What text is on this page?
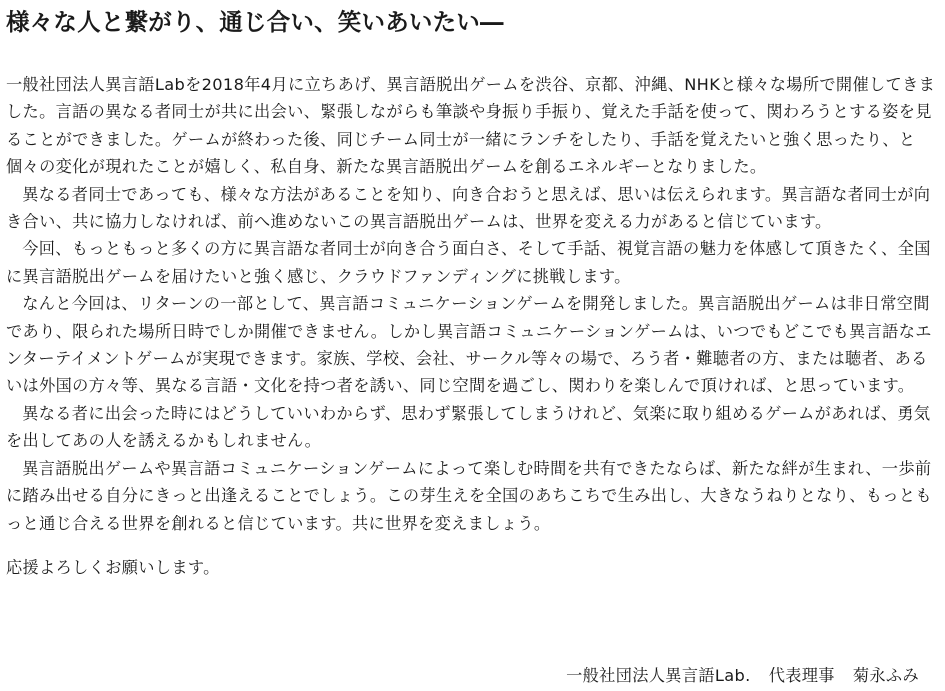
様々な人と繋がり、通じ合い、笑いあいたい―

一般社団法人異言語Labを2018年4月に立ちあげ、異言語脱出ゲームを渋谷、京都、沖縄、NHKと様々な場所で開催してきました。言語の異なる者同士が共に出会い、緊張しながらも筆談や身振り手振り、覚えた手話を使って、関わろうとする姿を見ることができました。ゲームが終わった後、同じチーム同士が一緒にランチをしたり、手話を覚えたいと強く思ったり、と個々の変化が現れたことが嬉しく、私自身、新たな異言語脱出ゲームを創るエネルギーとなりました。

異なる者同士であっても、様々な方法があることを知り、向き合おうと思えば、思いは伝えられます。異言語な者同士が向き合い、共に協力しなければ、前へ進めないこの異言語脱出ゲームは、世界を変える力があると信じています。

今回、もっともっと多くの方に異言語な者同士が向き合う面白さ、そして手話、視覚言語の魅力を体感して頂きたく、全国に異言語脱出ゲームを届けたいと強く感じ、クラウドファンディングに挑戦します。

なんと今回は、リターンの一部として、異言語コミュニケーションゲームを開発しました。異言語脱出ゲームは非日常空間であり、限られた場所日時でしか開催できません。しかし異言語コミュニケーションゲームは、いつでもどこでも異言語なエンターテイメントゲームが実現できます。家族、学校、会社、サークル等々の場で、ろう者・難聴者の方、または聴者、あるいは外国の方々等、異なる言語・文化を持つ者を誘い、同じ空間を過ごし、関わりを楽しんで頂ければ、と思っています。

異なる者に出会った時にはどうしていいわからず、思わず緊張してしまうけれど、気楽に取り組めるゲームがあれば、勇気を出してあの人を誘えるかもしれません。

異言語脱出ゲームや異言語コミュニケーションゲームによって楽しむ時間を共有できたならば、新たな絆が生まれ、一歩前に踏み出せる自分にきっと出逢えることでしょう。この芽生えを全国のあちこちで生み出し、大きなうねりとなり、もっともっと通じ合える世界を創れると信じています。共に世界を変えましょう。

応援よろしくお願いします。
一般社団法人異言語Lab. 代表理事 菊永ふみ
